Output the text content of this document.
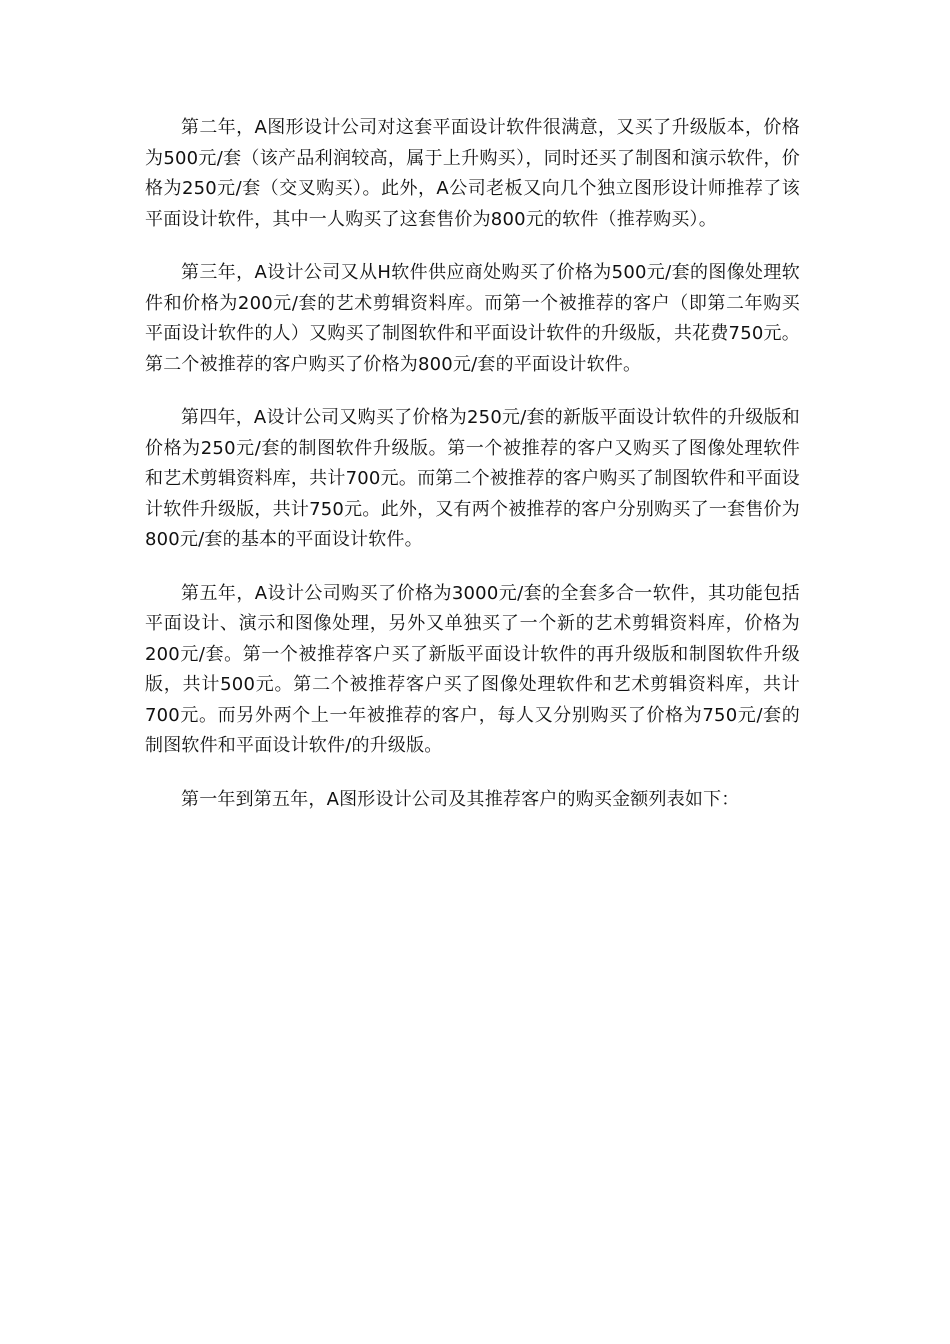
第二年，A图形设计公司对这套平面设计软件很满意，又买了升级版本，价格为500元/套（该产品利润较高，属于上升购买），同时还买了制图和演示软件，价格为250元/套（交叉购买）。此外，A公司老板又向几个独立图形设计师推荐了该平面设计软件，其中一人购买了这套售价为800元的软件（推荐购买）。

第三年，A设计公司又从H软件供应商处购买了价格为500元/套的图像处理软件和价格为200元/套的艺术剪辑资料库。而第一个被推荐的客户（即第二年购买平面设计软件的人）又购买了制图软件和平面设计软件的升级版，共花费750元。第二个被推荐的客户购买了价格为800元/套的平面设计软件。

第四年，A设计公司又购买了价格为250元/套的新版平面设计软件的升级版和价格为250元/套的制图软件升级版。第一个被推荐的客户又购买了图像处理软件和艺术剪辑资料库，共计700元。而第二个被推荐的客户购买了制图软件和平面设计软件升级版，共计750元。此外，又有两个被推荐的客户分别购买了一套售价为800元/套的基本的平面设计软件。

第五年，A设计公司购买了价格为3000元/套的全套多合一软件，其功能包括平面设计、演示和图像处理，另外又单独买了一个新的艺术剪辑资料库，价格为200元/套。第一个被推荐客户买了新版平面设计软件的再升级版和制图软件升级版，共计500元。第二个被推荐客户买了图像处理软件和艺术剪辑资料库，共计700元。而另外两个上一年被推荐的客户，每人又分别购买了价格为750元/套的制图软件和平面设计软件/的升级版。

第一年到第五年，A图形设计公司及其推荐客户的购买金额列表如下：
